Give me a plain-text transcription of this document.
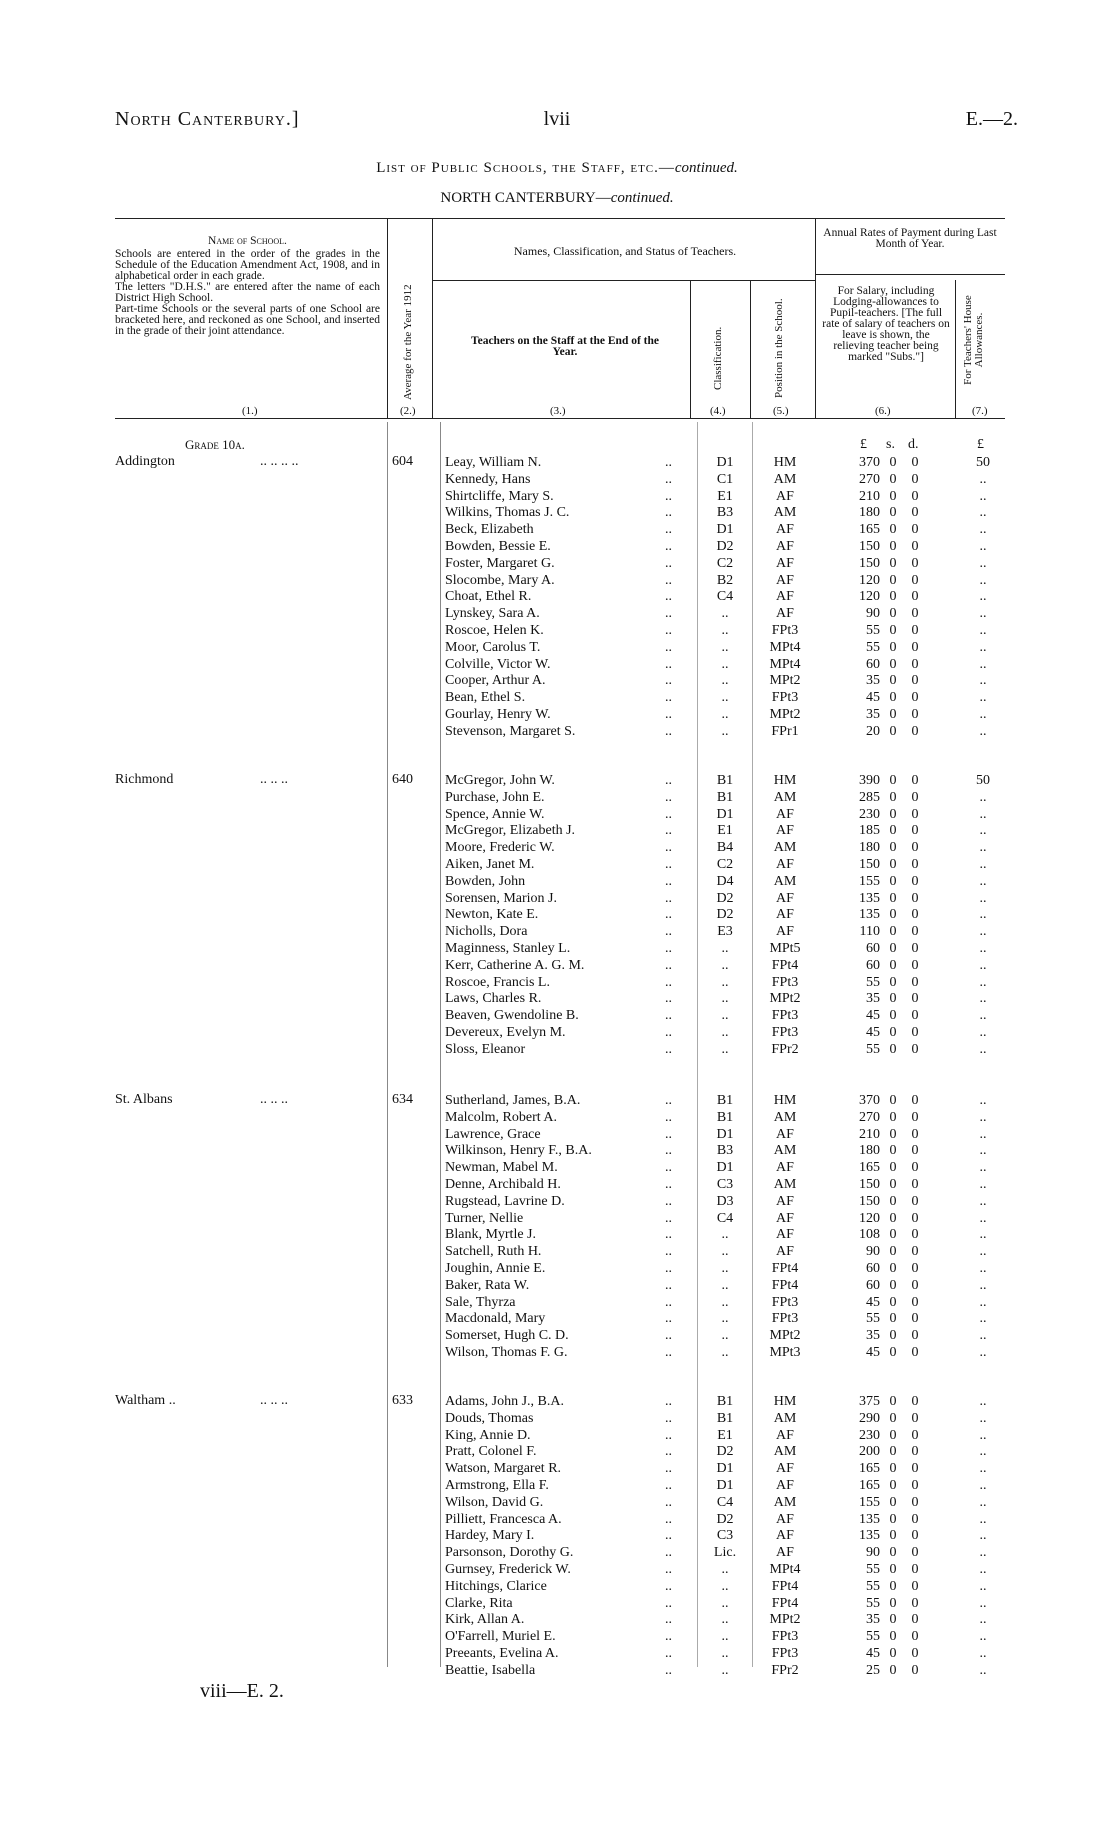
North Canterbury.]	lvii	E.—2.
List of Public Schools, the Staff, etc.—continued.
NORTH CANTERBURY—continued.
Name of School.
Schools are entered in the order of the grades in the Schedule of the Education Amendment Act, 1908, and in alphabetical order in each grade.
The letters "D.H.S." are entered after the name of each District High School.
Part-time Schools or the several parts of one School are bracketed here, and reckoned as one School, and inserted in the grade of their joint attendance.	Average for the Year 1912
Names, Classification, and Status of Teachers.
Teachers on the Staff at the End of the Year.	Classification.	Position in the School.
Annual Rates of Payment during Last Month of Year.
For Salary, including Lodging-allowances to Pupil-teachers. [The full rate of salary of teachers on leave is shown, the relieving teacher being marked "Subs."]	For Teachers' House Allowances.
(1.)	(2.)	(3.)	(4.)	(5.)	(6.)	(7.)
Grade 10a.	£ s. d.	£
Addington	.. .. .. ..	604 Leay, William N.	..	D1	HM	370 0 0	50
Kennedy, Hans	..	C1	AM	270 0 0	..
Shirtcliffe, Mary S.	..	E1	AF	210 0 0	..
Wilkins, Thomas J. C.	..	B3	AM	180 0 0	..
Beck, Elizabeth	..	D1	AF	165 0 0	..
Bowden, Bessie E.	..	D2	AF	150 0 0	..
Foster, Margaret G.	..	C2	AF	150 0 0	..
Slocombe, Mary A.	..	B2	AF	120 0 0	..
Choat, Ethel R.	..	C4	AF	120 0 0	..
Lynskey, Sara A.	..	..	AF	90 0 0	..
Roscoe, Helen K.	..	..	FPt3	55 0 0	..
Moor, Carolus T.	..	..	MPt4	55 0 0	..
Colville, Victor W.	..	..	MPt4	60 0 0	..
Cooper, Arthur A.	..	..	MPt2	35 0 0	..
Bean, Ethel S.	..	..	FPt3	45 0 0	..
Gourlay, Henry W.	..	..	MPt2	35 0 0	..
Stevenson, Margaret S.	..	..	FPr1	20 0 0	..
Richmond	.. .. ..	640 McGregor, John W.	..	B1	HM	390 0 0	50
Purchase, John E.	..	B1	AM	285 0 0	..
Spence, Annie W.	..	D1	AF	230 0 0	..
McGregor, Elizabeth J.	..	E1	AF	185 0 0	..
Moore, Frederic W.	..	B4	AM	180 0 0	..
Aiken, Janet M.	..	C2	AF	150 0 0	..
Bowden, John	..	D4	AM	155 0 0	..
Sorensen, Marion J.	..	D2	AF	135 0 0	..
Newton, Kate E.	..	D2	AF	135 0 0	..
Nicholls, Dora	..	E3	AF	110 0 0	..
Maginness, Stanley L.	..	..	MPt5	60 0 0	..
Kerr, Catherine A. G. M.	..	..	FPt4	60 0 0	..
Roscoe, Francis L.	..	..	FPt3	55 0 0	..
Laws, Charles R.	..	..	MPt2	35 0 0	..
Beaven, Gwendoline B.	..	..	FPt3	45 0 0	..
Devereux, Evelyn M.	..	..	FPt3	45 0 0	..
Sloss, Eleanor	..	..	FPr2	55 0 0	..
St. Albans	.. .. ..	634 Sutherland, James, B.A.	..	B1	HM	370 0 0	..
Malcolm, Robert A.	..	B1	AM	270 0 0	..
Lawrence, Grace	..	D1	AF	210 0 0	..
Wilkinson, Henry F., B.A.	..	B3	AM	180 0 0	..
Newman, Mabel M.	..	D1	AF	165 0 0	..
Denne, Archibald H.	..	C3	AM	150 0 0	..
Rugstead, Lavrine D.	..	D3	AF	150 0 0	..
Turner, Nellie	..	C4	AF	120 0 0	..
Blank, Myrtle J.	..	..	AF	108 0 0	..
Satchell, Ruth H.	..	..	AF	90 0 0	..
Joughin, Annie E.	..	..	FPt4	60 0 0	..
Baker, Rata W.	..	..	FPt4	60 0 0	..
Sale, Thyrza	..	..	FPt3	45 0 0	..
Macdonald, Mary	..	..	FPt3	55 0 0	..
Somerset, Hugh C. D.	..	..	MPt2	35 0 0	..
Wilson, Thomas F. G.	..	..	MPt3	45 0 0	..
Waltham ..	.. .. ..	633 Adams, John J., B.A.	..	B1	HM	375 0 0	..
Douds, Thomas	..	B1	AM	290 0 0	..
King, Annie D.	..	E1	AF	230 0 0	..
Pratt, Colonel F.	..	D2	AM	200 0 0	..
Watson, Margaret R.	..	D1	AF	165 0 0	..
Armstrong, Ella F.	..	D1	AF	165 0 0	..
Wilson, David G.	..	C4	AM	155 0 0	..
Pilliett, Francesca A.	..	D2	AF	135 0 0	..
Hardey, Mary I.	..	C3	AF	135 0 0	..
Parsonson, Dorothy G.	..	Lic.	AF	90 0 0	..
Gurnsey, Frederick W.	..	..	MPt4	55 0 0	..
Hitchings, Clarice	..	..	FPt4	55 0 0	..
Clarke, Rita	..	..	FPt4	55 0 0	..
Kirk, Allan A.	..	..	MPt2	35 0 0	..
O'Farrell, Muriel E.	..	..	FPt3	55 0 0	..
Preeants, Evelina A.	..	..	FPt3	45 0 0	..
Beattie, Isabella	..	..	FPr2	25 0 0	..
viii—E. 2.
